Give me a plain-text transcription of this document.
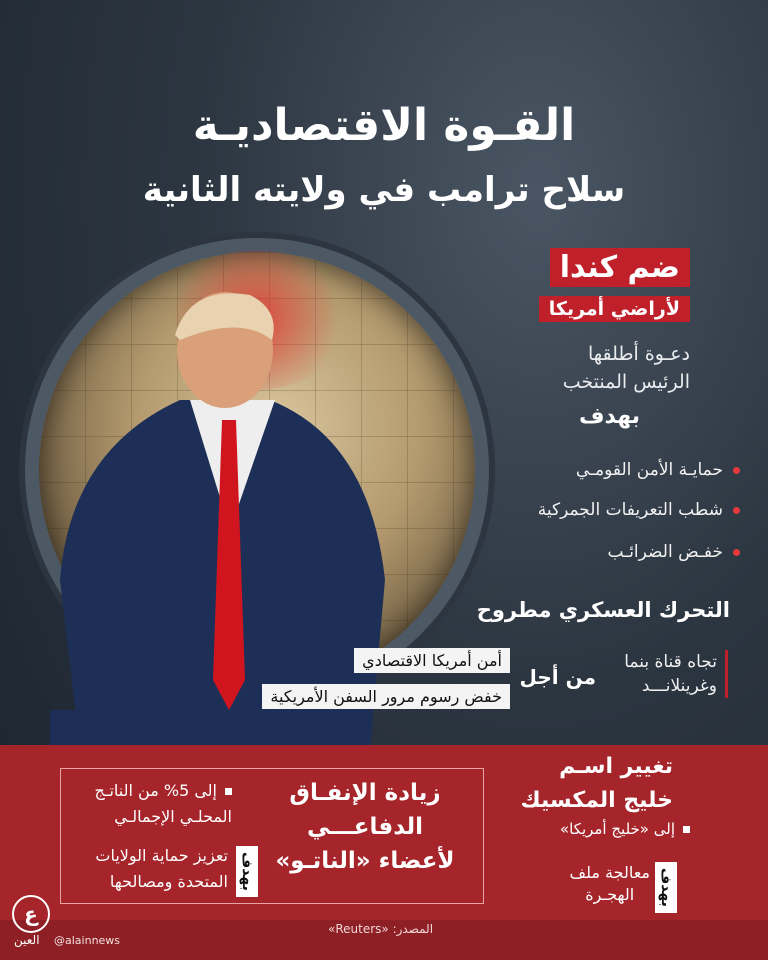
القـوة الاقتصاديـة
سلاح ترامب في ولايته الثانية
ضم كندا
لأراضي أمريكا
دعـوة أطلقها
الرئيس المنتخب
بهدف
حمايـة الأمن القومـي
شطب التعريفات الجمركية
خفـض الضرائـب
التحرك العسكري مطروح
تجاه قناة بنما
وغرينلانـــد
من أجل
أمن أمريكا الاقتصادي
خفض رسوم مرور السفن الأمريكية
زيادة الإنفـاق
الدفاعـــي
لأعضاء «الناتـو»
إلى 5% من الناتـج
المحلـي الإجمالـي
بهدف
تعزيز حماية الولايات
المتحدة ومصالحها
تغيير اسـم
خليج المكسيك
إلى «خليج أمريكا»
بهدف
معالجة ملف
الهجـرة
المصدر: «Reuters»
ع
العين @alainnews
